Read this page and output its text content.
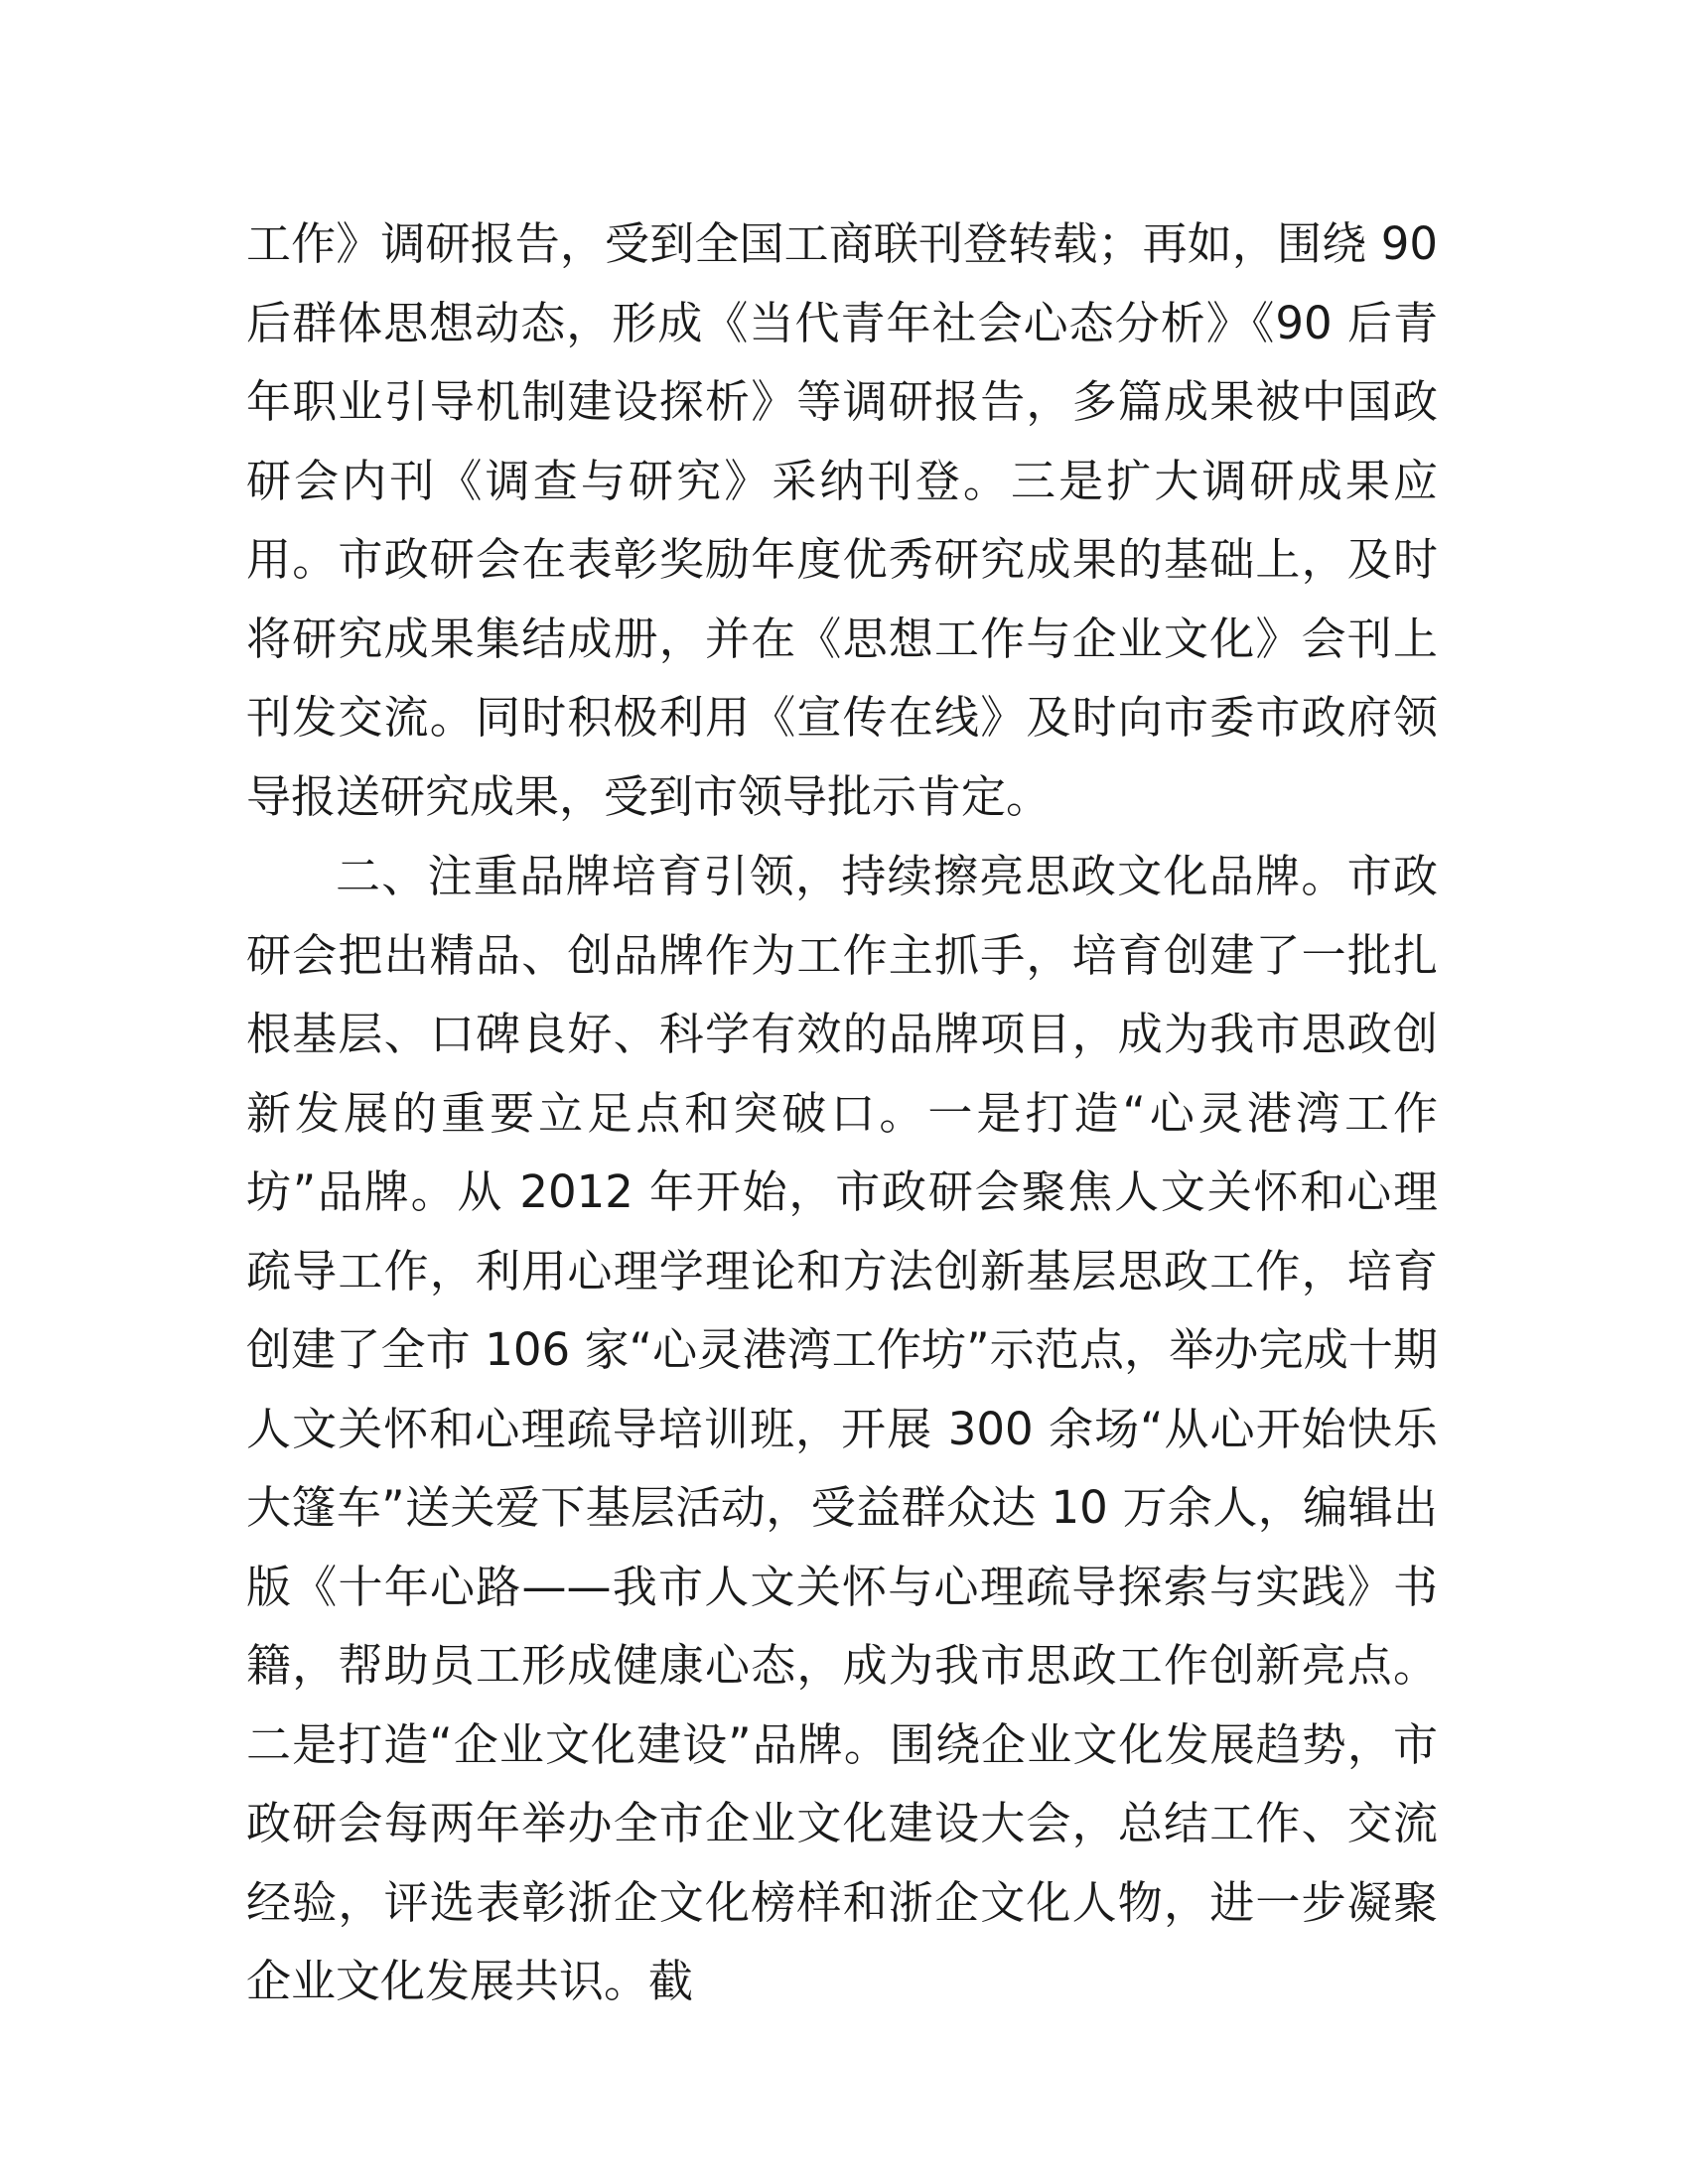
工作》调研报告，受到全国工商联刊登转载；再如，围绕 90 后群体思想动态，形成《当代青年社会心态分析》《90 后青年职业引导机制建设探析》等调研报告，多篇成果被中国政研会内刊《调查与研究》采纳刊登。三是扩大调研成果应用。市政研会在表彰奖励年度优秀研究成果的基础上，及时将研究成果集结成册，并在《思想工作与企业文化》会刊上刊发交流。同时积极利用《宣传在线》及时向市委市政府领导报送研究成果，受到市领导批示肯定。

二、注重品牌培育引领，持续擦亮思政文化品牌。市政研会把出精品、创品牌作为工作主抓手，培育创建了一批扎根基层、口碑良好、科学有效的品牌项目，成为我市思政创新发展的重要立足点和突破口。一是打造“心灵港湾工作坊”品牌。从 2012 年开始，市政研会聚焦人文关怀和心理疏导工作，利用心理学理论和方法创新基层思政工作，培育创建了全市 106 家“心灵港湾工作坊”示范点，举办完成十期人文关怀和心理疏导培训班，开展 300 余场“从心开始快乐大篷车”送关爱下基层活动，受益群众达 10 万余人，编辑出版《十年心路——我市人文关怀与心理疏导探索与实践》书籍，帮助员工形成健康心态，成为我市思政工作创新亮点。二是打造“企业文化建设”品牌。围绕企业文化发展趋势，市政研会每两年举办全市企业文化建设大会，总结工作、交流经验，评选表彰浙企文化榜样和浙企文化人物，进一步凝聚企业文化发展共识。截
